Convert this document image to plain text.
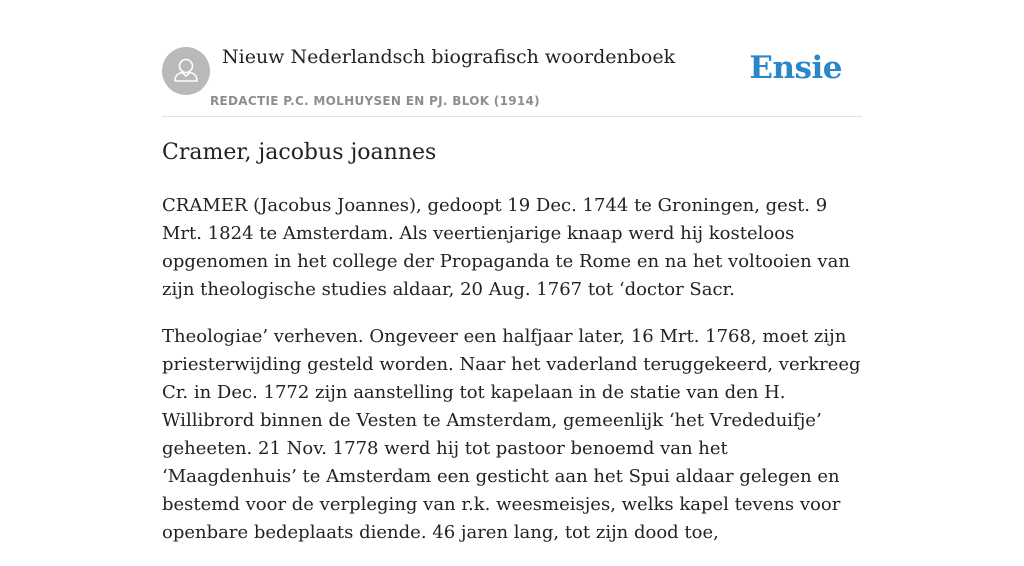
Nieuw Nederlandsch biografisch woordenboek
REDACTIE P.C. MOLHUYSEN EN PJ. BLOK (1914)
Ensie
Cramer, jacobus joannes

CRAMER (Jacobus Joannes), gedoopt 19 Dec. 1744 te Groningen, gest. 9 Mrt. 1824 te Amsterdam. Als veertienjarige knaap werd hij kosteloos opgenomen in het college der Propaganda te Rome en na het voltooien van zijn theologische studies aldaar, 20 Aug. 1767 tot ‘doctor Sacr.

Theologiae’ verheven. Ongeveer een halfjaar later, 16 Mrt. 1768, moet zijn priesterwijding gesteld worden. Naar het vaderland teruggekeerd, verkreeg Cr. in Dec. 1772 zijn aanstelling tot kapelaan in de statie van den H. Willibrord binnen de Vesten te Amsterdam, gemeenlijk ‘het Vrededuifje’ geheeten. 21 Nov. 1778 werd hij tot pastoor benoemd van het ‘Maagdenhuis’ te Amsterdam een gesticht aan het Spui aldaar gelegen en bestemd voor de verpleging van r.k. weesmeisjes, welks kapel tevens voor openbare bedeplaats diende. 46 jaren lang, tot zijn dood toe,
